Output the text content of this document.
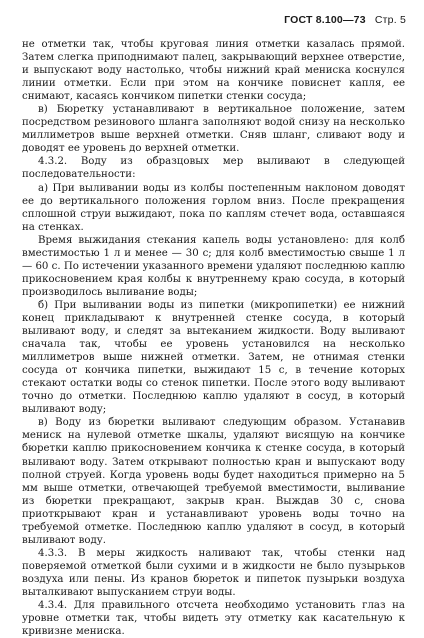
ГОСТ 8.100—73 Стр. 5

не отметки так, чтобы круговая линия отметки казалась прямой. Затем слегка приподнимают палец, закрывающий верхнее отверстие, и выпускают воду настолько, чтобы нижний край мениска коснулся линии отметки. Если при этом на кончике повиснет капля, ее снимают, касаясь кончиком пипетки стенки сосуда;

в) Бюретку устанавливают в вертикальное положение, затем посредством резинового шланга заполняют водой снизу на несколько миллиметров выше верхней отметки. Сняв шланг, сливают воду и доводят ее уровень до верхней отметки.

4.3.2. Воду из образцовых мер выливают в следующей последовательности:

а) При выливании воды из колбы постепенным наклоном доводят ее до вертикального положения горлом вниз. После прекращения сплошной струи выжидают, пока по каплям стечет вода, оставшаяся на стенках.

Время выжидания стекания капель воды установлено: для колб вместимостью 1 л и менее — 30 с; для колб вместимостью свыше 1 л — 60 с. По истечении указанного времени удаляют последнюю каплю прикосновением края колбы к внутреннему краю сосуда, в который производилось выливание воды;

б) При выливании воды из пипетки (микропипетки) ее нижний конец прикладывают к внутренней стенке сосуда, в который выливают воду, и следят за вытеканием жидкости. Воду выливают сначала так, чтобы ее уровень установился на несколько миллиметров выше нижней отметки. Затем, не отнимая стенки сосуда от кончика пипетки, выжидают 15 с, в течение которых стекают остатки воды со стенок пипетки. После этого воду выливают точно до отметки. Последнюю каплю удаляют в сосуд, в который выливают воду;

в) Воду из бюретки выливают следующим образом. Устанавив мениск на нулевой отметке шкалы, удаляют висящую на кончике бюретки каплю прикосновением кончика к стенке сосуда, в который выливают воду. Затем открывают полностью кран и выпускают воду полной струей. Когда уровень воды будет находиться примерно на 5 мм выше отметки, отвечающей требуемой вместимости, выливание из бюретки прекращают, закрыв кран. Выждав 30 с, снова приоткрывают кран и устанавливают уровень воды точно на требуемой отметке. Последнюю каплю удаляют в сосуд, в который выливают воду.

4.3.3. В меры жидкость наливают так, чтобы стенки над поверяемой отметкой были сухими и в жидкости не было пузырьков воздуха или пены. Из кранов бюреток и пипеток пузырьки воздуха выталкивают выпусканием струи воды.

4.3.4. Для правильного отсчета необходимо установить глаз на уровне отметки так, чтобы видеть эту отметку как касательную к кривизне мениска.
